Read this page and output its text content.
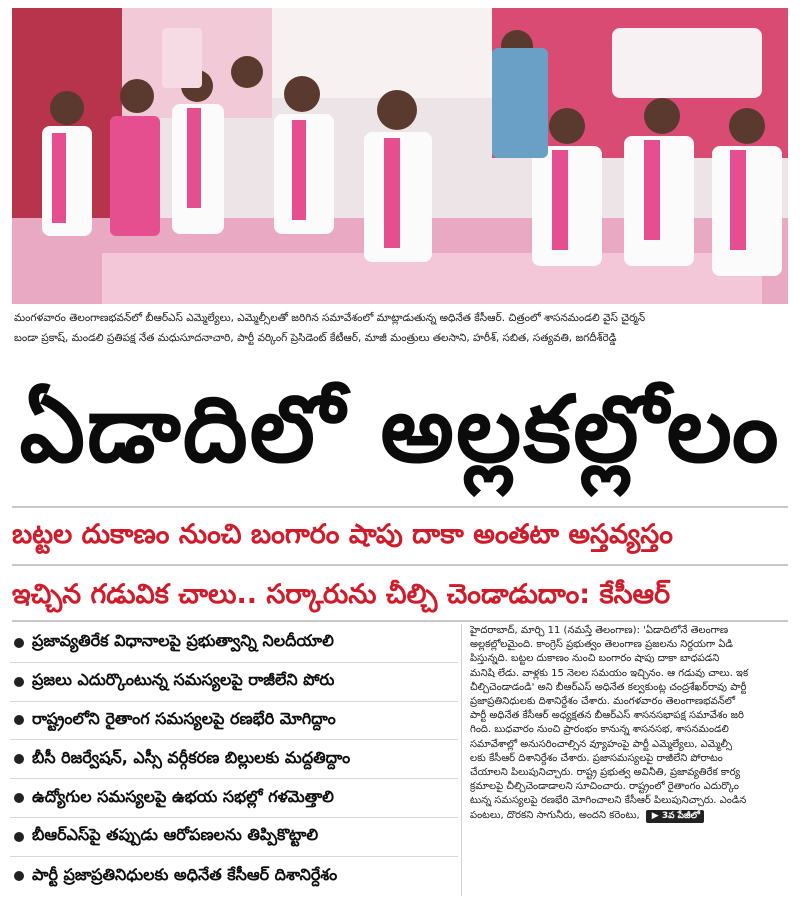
మంగళవారం తెలంగాణభవన్‌లో బీఆర్‌ఎస్ ఎమ్మెల్యేలు, ఎమ్మెల్సీలతో జరిగిన సమావేశంలో మాట్లాడుతున్న అధినేత కేసీఆర్. చిత్రంలో శాసనమండలి వైస్ చైర్మన్
బండా ప్రకాష్, మండలి ప్రతిపక్ష నేత మధుసూదనాచారి, పార్టీ వర్కింగ్ ప్రెసిడెంట్ కేటీఆర్, మాజీ మంత్రులు తలసాని, హరీశ్, సబిత, సత్యవతి, జగదీశ్‌రెడ్డి
ఏడాదిలో అల్లకల్లోలం
బట్టల దుకాణం నుంచి బంగారం షాపు దాకా అంతటా అస్తవ్యస్తం
ఇచ్చిన గడువిక చాలు.. సర్కారును చీల్చి చెండాడుదాం: కేసీఆర్
ప్రజావ్యతిరేక విధానాలపై ప్రభుత్వాన్ని నిలదీయాలి
ప్రజలు ఎదుర్కొంటున్న సమస్యలపై రాజీలేని పోరు
రాష్ట్రంలోని రైతాంగ సమస్యలపై రణభేరి మోగిద్దాం
బీసీ రిజర్వేషన్, ఎస్సీ వర్గీకరణ బిల్లులకు మద్దతిద్దాం
ఉద్యోగుల సమస్యలపై ఉభయ సభల్లో గళమెత్తాలి
బీఆర్‌ఎస్‌పై తప్పుడు ఆరోపణలను తిప్పికొట్టాలి
పార్టీ ప్రజాప్రతినిధులకు అధినేత కేసీఆర్ దిశానిర్దేశం
హైదరాబాద్, మార్చి 11 (నమస్తే తెలంగాణ): 'ఏడాదిలోనే తెలంగాణ
అల్లకల్లోలమైంది. కాంగ్రెస్ ప్రభుత్వం తెలంగాణ ప్రజలను నిర్దయగా ఏడి
పిస్తున్నది. బట్టల దుకాణం నుంచి బంగారం షాపు దాకా బాధపడని
మనిషి లేడు. వాళ్లకు 15 నెలల సమయం ఇచ్చినం. ఆ గడువు చాలు. ఇక
చీల్చిచెండాడండి' అని బీఆర్‌ఎస్ అధినేత కల్వకుంట్ల చంద్రశేఖర్‌రావు పార్టీ
ప్రజాప్రతినిధులకు దిశానిర్దేశం చేశారు. మంగళవారం తెలంగాణభవన్‌లో
పార్టీ అధినేత కేసీఆర్ అధ్యక్షతన బీఆర్‌ఎస్ శాసనసభాపక్ష సమావేశం జరి
గింది. బుధవారం నుంచి ప్రారంభం కానున్న శాసనసభ, శాసనమండలి
సమావేశాల్లో అనుసరించాల్సిన వ్యూహంపై పార్టీ ఎమ్మెల్యేలు, ఎమ్మెల్సీ
లకు కేసీఆర్ దిశానిర్దేశం చేశారు. ప్రజాసమస్యలపై రాజీలేని పోరాటం
చేయాలని పిలుపునిచ్చారు. రాష్ట్ర ప్రభుత్వ అవినీతి, ప్రజావ్యతిరేక కార్య
క్రమాలపై చీల్చిచెండాడాలని సూచించారు. రాష్ట్రంలో రైతాంగం ఎదుర్కొం
టున్న సమస్యలపై రణభేరి మోగించాలని కేసీఆర్ పిలుపునిచ్చారు. ఎండిన
పంటలు, దొరకని సాగునీరు, అందని కరెంటు, ▶ 3వ పేజీలో
